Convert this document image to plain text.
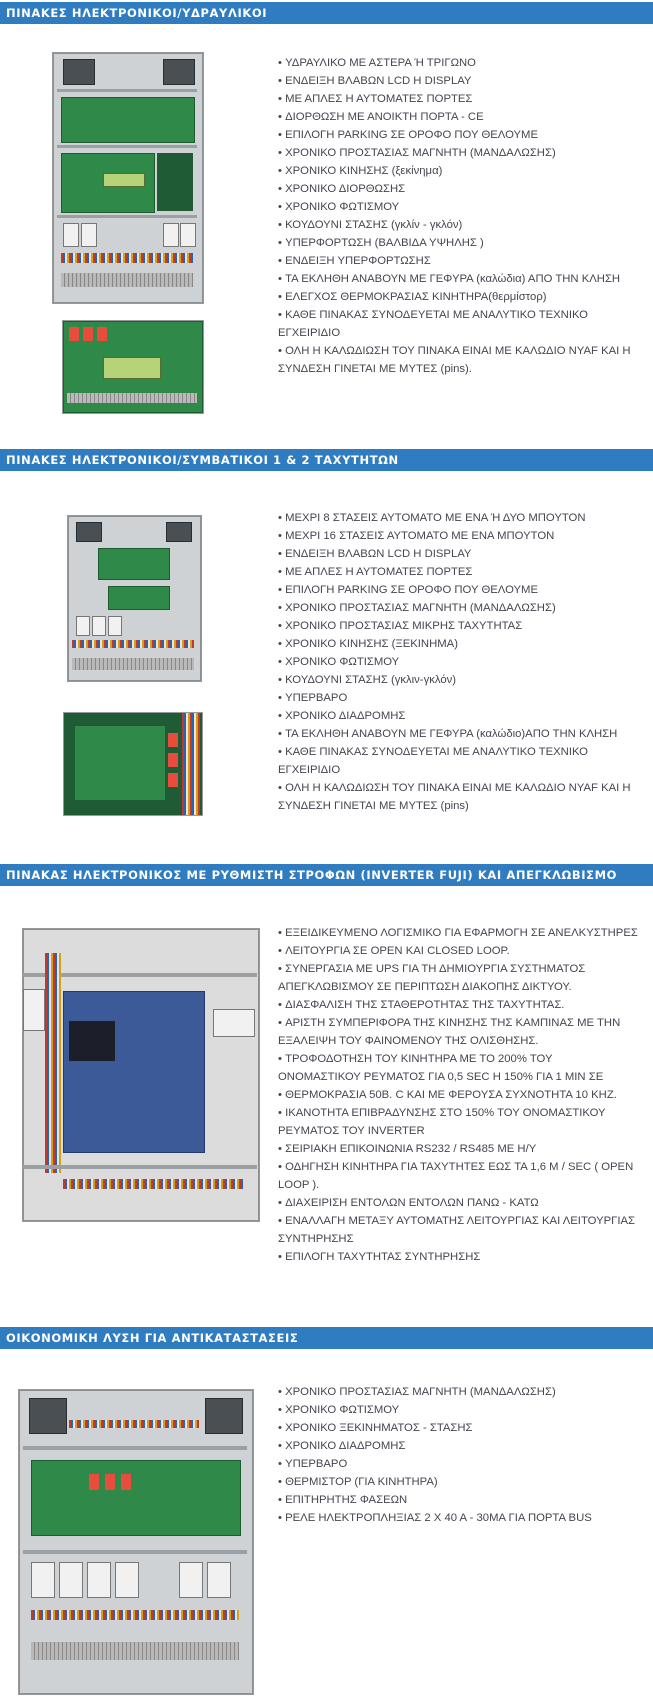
ΠΙΝΑΚΕΣ ΗΛΕΚΤΡΟΝΙΚΟΙ/ΥΔΡΑΥΛΙΚΟΙ
• ΥΔΡΑΥΛΙΚΟ ΜΕ ΑΣΤΕΡΑ Ή ΤΡΙΓΩΝΟ
• ΕΝΔΕΙΞΗ ΒΛΑΒΩΝ LCD Η DISPLAY
• ΜΕ ΑΠΛΕΣ Η ΑΥΤΟΜΑΤΕΣ ΠΟΡΤΕΣ
• ΔΙΟΡΘΩΣΗ ΜΕ ΑΝΟΙΚΤΗ ΠΟΡΤΑ - CE
• ΕΠΙΛΟΓΗ PARKING ΣΕ ΟΡΟΦΟ ΠΟΥ ΘΕΛΟΥΜΕ
• ΧΡΟΝΙΚΟ ΠΡΟΣΤΑΣΙΑΣ ΜΑΓΝΗΤΗ (ΜΑΝΔΑΛΩΣΗΣ)
• ΧΡΟΝΙΚΟ ΚΙΝΗΣΗΣ (ξεκίνημα)
• ΧΡΟΝΙΚΟ ΔΙΟΡΘΩΣΗΣ
• ΧΡΟΝΙΚΟ ΦΩΤΙΣΜΟΥ
• ΚΟΥΔΟΥΝΙ ΣΤΑΣΗΣ (γκλίν - γκλόν)
• ΥΠΕΡΦΟΡΤΩΣΗ (ΒΑΛΒΙΔΑ ΥΨΗΛΗΣ )
• ΕΝΔΕΙΞΗ ΥΠΕΡΦΟΡΤΩΣΗΣ
• ΤΑ ΕΚΛΗΘΗ ΑΝΑΒΟΥΝ ΜΕ ΓΕΦΥΡΑ (καλώδια) ΑΠΟ ΤΗΝ ΚΛΗΣΗ
• ΕΛΕΓΧΟΣ ΘΕΡΜΟΚΡΑΣΙΑΣ ΚΙΝΗΤΗΡΑ(θερμίστορ)
• ΚΑΘΕ ΠΙΝΑΚΑΣ ΣΥΝΟΔΕΥΕΤΑΙ ΜΕ ΑΝΑΛΥΤΙΚΟ ΤΕΧΝΙΚΟ ΕΓΧΕΙΡΙΔΙΟ
• ΟΛΗ Η ΚΑΛΩΔΙΩΣΗ ΤΟΥ ΠΙΝΑΚΑ ΕΙΝΑΙ ΜΕ ΚΑΛΩΔΙΟ NYAF ΚΑΙ Η ΣΥΝΔΕΣΗ ΓΙΝΕΤΑΙ ΜΕ ΜΥΤΕΣ (pins).
ΠΙΝΑΚΕΣ ΗΛΕΚΤΡΟΝΙΚΟΙ/ΣΥΜΒΑΤΙΚΟΙ 1 & 2 ΤΑΧΥΤΗΤΩΝ
• ΜΕΧΡΙ 8 ΣΤΑΣΕΙΣ ΑΥΤΟΜΑΤΟ ΜΕ ΕΝΑ Ή ΔΥΟ ΜΠΟΥΤΟΝ
• ΜΕΧΡΙ 16 ΣΤΑΣΕΙΣ ΑΥΤΟΜΑΤΟ ΜΕ ΕΝΑ ΜΠΟΥΤΟΝ
• ΕΝΔΕΙΞΗ ΒΛΑΒΩΝ LCD Η DISPLAY
• ΜΕ ΑΠΛΕΣ Η ΑΥΤΟΜΑΤΕΣ ΠΟΡΤΕΣ
• ΕΠΙΛΟΓΗ PARKING ΣΕ ΟΡΟΦΟ ΠΟΥ ΘΕΛΟΥΜΕ
• ΧΡΟΝΙΚΟ ΠΡΟΣΤΑΣΙΑΣ ΜΑΓΝΗΤΗ (ΜΑΝΔΑΛΩΣΗΣ)
• ΧΡΟΝΙΚΟ ΠΡΟΣΤΑΣΙΑΣ ΜΙΚΡΗΣ ΤΑΧΥΤΗΤΑΣ
• ΧΡΟΝΙΚΟ ΚΙΝΗΣΗΣ (ΞΕΚΙΝΗΜΑ)
• ΧΡΟΝΙΚΟ ΦΩΤΙΣΜΟΥ
• ΚΟΥΔΟΥΝΙ ΣΤΑΣΗΣ (γκλιν-γκλόν)
• ΥΠΕΡΒΑΡΟ
• ΧΡΟΝΙΚΟ ΔΙΑΔΡΟΜΗΣ
• ΤΑ ΕΚΛΗΘΗ ΑΝΑΒΟΥΝ ΜΕ ΓΕΦΥΡΑ (καλώδιο)ΑΠΟ ΤΗΝ ΚΛΗΣΗ
• ΚΑΘΕ ΠΙΝΑΚΑΣ ΣΥΝΟΔΕΥΕΤΑΙ ΜΕ ΑΝΑΛΥΤΙΚΟ ΤΕΧΝΙΚΟ ΕΓΧΕΙΡΙΔΙΟ
• ΟΛΗ Η ΚΑΛΩΔΙΩΣΗ ΤΟΥ ΠΙΝΑΚΑ ΕΙΝΑΙ ΜΕ ΚΑΛΩΔΙΟ NYAF ΚΑΙ Η ΣΥΝΔΕΣΗ ΓΙΝΕΤΑΙ ΜΕ ΜΥΤΕΣ (pins)
ΠΙΝΑΚΑΣ ΗΛΕΚΤΡΟΝΙΚΟΣ ΜΕ ΡΥΘΜΙΣΤΗ ΣΤΡΟΦΩΝ (INVERTER FUJI) ΚΑΙ ΑΠΕΓΚΛΩΒΙΣΜΟ
• ΕΞΕΙΔΙΚΕΥΜΕΝΟ ΛΟΓΙΣΜΙΚΟ ΓΙΑ ΕΦΑΡΜΟΓΗ ΣΕ ΑΝΕΛΚΥΣΤΗΡΕΣ
• ΛΕΙΤΟΥΡΓΙΑ ΣΕ OPEN ΚΑΙ CLOSED LOOP.
• ΣΥΝΕΡΓΑΣΙΑ ΜΕ UPS ΓΙΑ ΤΗ ΔΗΜΙΟΥΡΓΙΑ ΣΥΣΤΗΜΑΤΟΣ ΑΠΕΓΚΛΩΒΙΣΜΟΥ ΣΕ ΠΕΡΙΠΤΩΣΗ ΔΙΑΚΟΠΗΣ ΔΙΚΤΥΟΥ.
• ΔΙΑΣΦΑΛΙΣΗ ΤΗΣ ΣΤΑΘΕΡΟΤΗΤΑΣ ΤΗΣ ΤΑΧΥΤΗΤΑΣ.
• ΑΡΙΣΤΗ ΣΥΜΠΕΡΙΦΟΡΑ ΤΗΣ ΚΙΝΗΣΗΣ ΤΗΣ ΚΑΜΠΙΝΑΣ ΜΕ ΤΗΝ ΕΞΑΛΕΙΨΗ ΤΟΥ ΦΑΙΝΟΜΕΝΟΥ ΤΗΣ ΟΛΙΣΘΗΣΗΣ.
• ΤΡΟΦΟΔΟΤΗΣΗ ΤΟΥ ΚΙΝΗΤΗΡΑ ΜΕ ΤΟ 200% ΤΟΥ ΟΝΟΜΑΣΤΙΚΟΥ ΡΕΥΜΑΤΟΣ ΓΙΑ 0,5 SEC Η 150% ΓΙΑ 1 MIN ΣΕ
• ΘΕΡΜΟΚΡΑΣΙΑ 50Β. C ΚΑΙ ΜΕ ΦΕΡΟΥΣΑ ΣΥΧΝΟΤΗΤΑ 10 KHZ.
• ΙΚΑΝΟΤΗΤΑ ΕΠΙΒΡΑΔΥΝΣΗΣ ΣΤΟ 150% ΤΟΥ ΟΝΟΜΑΣΤΙΚΟΥ ΡΕΥΜΑΤΟΣ ΤΟΥ INVERTER
• ΣΕΙΡΙΑΚΗ ΕΠΙΚΟΙΝΩΝΙΑ RS232 / RS485 ΜΕ Η/Υ
• ΟΔΗΓΗΣΗ ΚΙΝΗΤΗΡΑ ΓΙΑ ΤΑΧΥΤΗΤΕΣ ΕΩΣ ΤΑ 1,6 M / SEC ( OPEN LOOP ).
• ΔΙΑΧΕΙΡΙΣΗ ΕΝΤΟΛΩΝ ΕΝΤΟΛΩΝ ΠΑΝΩ - ΚΑΤΩ
• ΕΝΑΛΛΑΓΗ ΜΕΤΑΞΥ ΑΥΤΟΜΑΤΗΣ ΛΕΙΤΟΥΡΓΙΑΣ ΚΑΙ ΛΕΙΤΟΥΡΓΙΑΣ ΣΥΝΤΗΡΗΣΗΣ
• ΕΠΙΛΟΓΗ ΤΑΧΥΤΗΤΑΣ ΣΥΝΤΗΡΗΣΗΣ
ΟΙΚΟΝΟΜΙΚΗ ΛΥΣΗ ΓΙΑ ΑΝΤΙΚΑΤΑΣΤΑΣΕΙΣ
• ΧΡΟΝΙΚΟ ΠΡΟΣΤΑΣΙΑΣ ΜΑΓΝΗΤΗ (ΜΑΝΔΑΛΩΣΗΣ)
• ΧΡΟΝΙΚΟ ΦΩΤΙΣΜΟΥ
• ΧΡΟΝΙΚΟ ΞΕΚΙΝΗΜΑΤΟΣ - ΣΤΑΣΗΣ
• ΧΡΟΝΙΚΟ ΔΙΑΔΡΟΜΗΣ
• ΥΠΕΡΒΑΡΟ
• ΘΕΡΜΙΣΤΟΡ (ΓΙΑ ΚΙΝΗΤΗΡΑ)
• ΕΠΙΤΗΡΗΤΗΣ ΦΑΣΕΩΝ
• ΡΕΛΕ ΗΛΕΚΤΡΟΠΛΗΞΙΑΣ 2 Χ 40 Α - 30ΜΑ ΓΙΑ ΠΟΡΤΑ BUS
